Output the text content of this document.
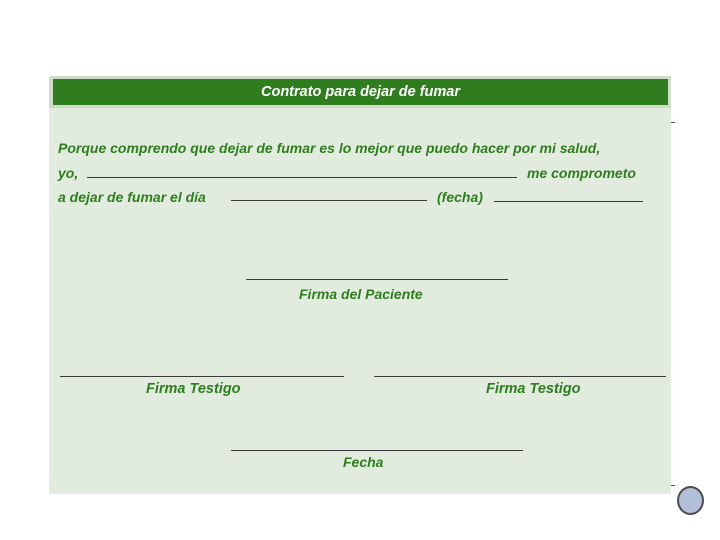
Contrato para dejar de fumar
Porque comprendo que dejar de fumar es lo mejor que puedo hacer por mi salud,
yo,	me comprometo
a dejar de fumar el día	(fecha)
Firma del Paciente
Firma Testigo	Firma Testigo
Fecha
